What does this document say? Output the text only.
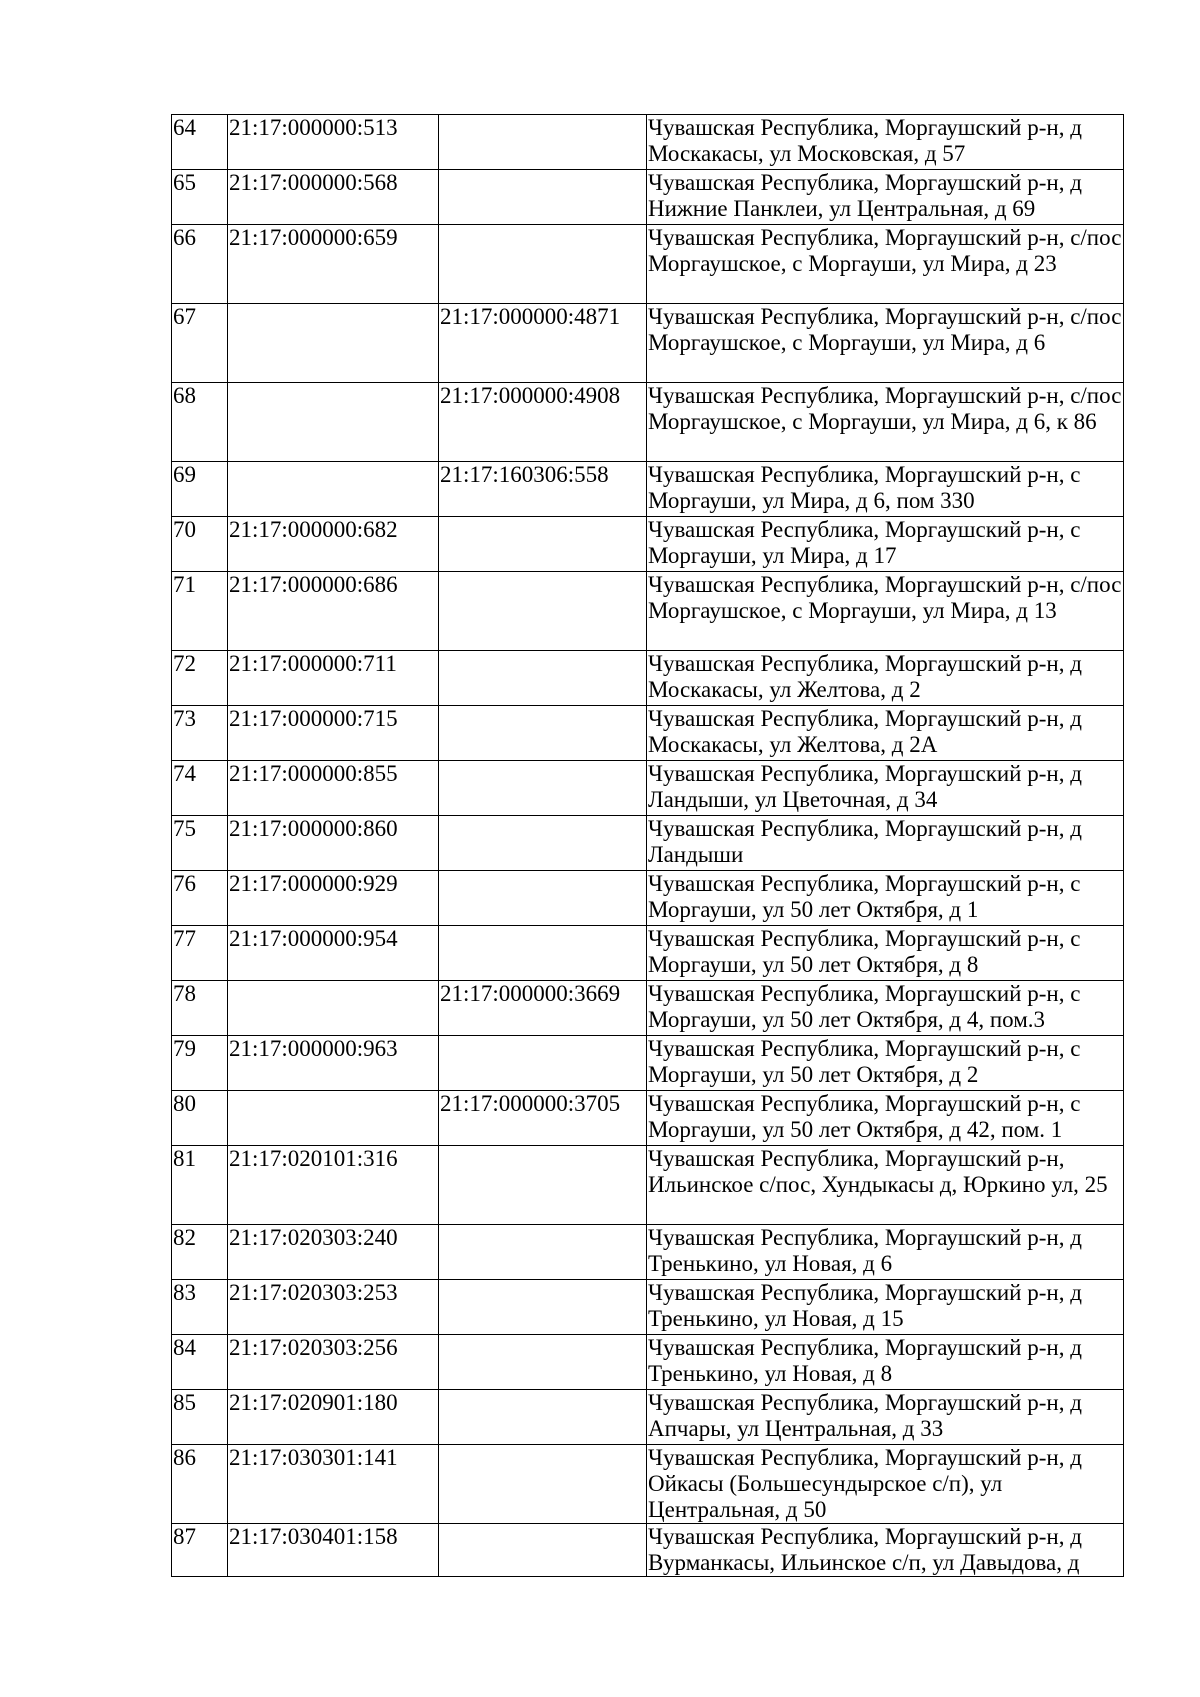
64	21:17:000000:513		Чувашская Республика, Моргаушский р-н, д Москакасы, ул Московская, д 57
65	21:17:000000:568		Чувашская Республика, Моргаушский р-н, д Нижние Панклеи, ул Центральная, д 69
66	21:17:000000:659		Чувашская Республика, Моргаушский р-н, с/пос Моргаушское, с Моргауши, ул Мира, д 23
67		21:17:000000:4871	Чувашская Республика, Моргаушский р-н, с/пос Моргаушское, с Моргауши, ул Мира, д 6
68		21:17:000000:4908	Чувашская Республика, Моргаушский р-н, с/пос Моргаушское, с Моргауши, ул Мира, д 6, к 86
69		21:17:160306:558	Чувашская Республика, Моргаушский р-н, с Моргауши, ул Мира, д 6, пом 330
70	21:17:000000:682		Чувашская Республика, Моргаушский р-н, с Моргауши, ул Мира, д 17
71	21:17:000000:686		Чувашская Республика, Моргаушский р-н, с/пос Моргаушское, с Моргауши, ул Мира, д 13
72	21:17:000000:711		Чувашская Республика, Моргаушский р-н, д Москакасы, ул Желтова, д 2
73	21:17:000000:715		Чувашская Республика, Моргаушский р-н, д Москакасы, ул Желтова, д 2А
74	21:17:000000:855		Чувашская Республика, Моргаушский р-н, д Ландыши, ул Цветочная, д 34
75	21:17:000000:860		Чувашская Республика, Моргаушский р-н, д Ландыши
76	21:17:000000:929		Чувашская Республика, Моргаушский р-н, с Моргауши, ул 50 лет Октября, д 1
77	21:17:000000:954		Чувашская Республика, Моргаушский р-н, с Моргауши, ул 50 лет Октября, д 8
78		21:17:000000:3669	Чувашская Республика, Моргаушский р-н, с Моргауши, ул 50 лет Октября, д 4, пом.3
79	21:17:000000:963		Чувашская Республика, Моргаушский р-н, с Моргауши, ул 50 лет Октября, д 2
80		21:17:000000:3705	Чувашская Республика, Моргаушский р-н, с Моргауши, ул 50 лет Октября, д 42, пом. 1
81	21:17:020101:316		Чувашская Республика, Моргаушский р-н, Ильинское с/пос, Хундыкасы д, Юркино ул, 25
82	21:17:020303:240		Чувашская Республика, Моргаушский р-н, д Тренькино, ул Новая, д 6
83	21:17:020303:253		Чувашская Республика, Моргаушский р-н, д Тренькино, ул Новая, д 15
84	21:17:020303:256		Чувашская Республика, Моргаушский р-н, д Тренькино, ул Новая, д 8
85	21:17:020901:180		Чувашская Республика, Моргаушский р-н, д Апчары, ул Центральная, д 33
86	21:17:030301:141		Чувашская Республика, Моргаушский р-н, д Ойкасы (Большесундырское с/п), ул Центральная, д 50
87	21:17:030401:158		Чувашская Республика, Моргаушский р-н, д Вурманкасы, Ильинское с/п, ул Давыдова, д
